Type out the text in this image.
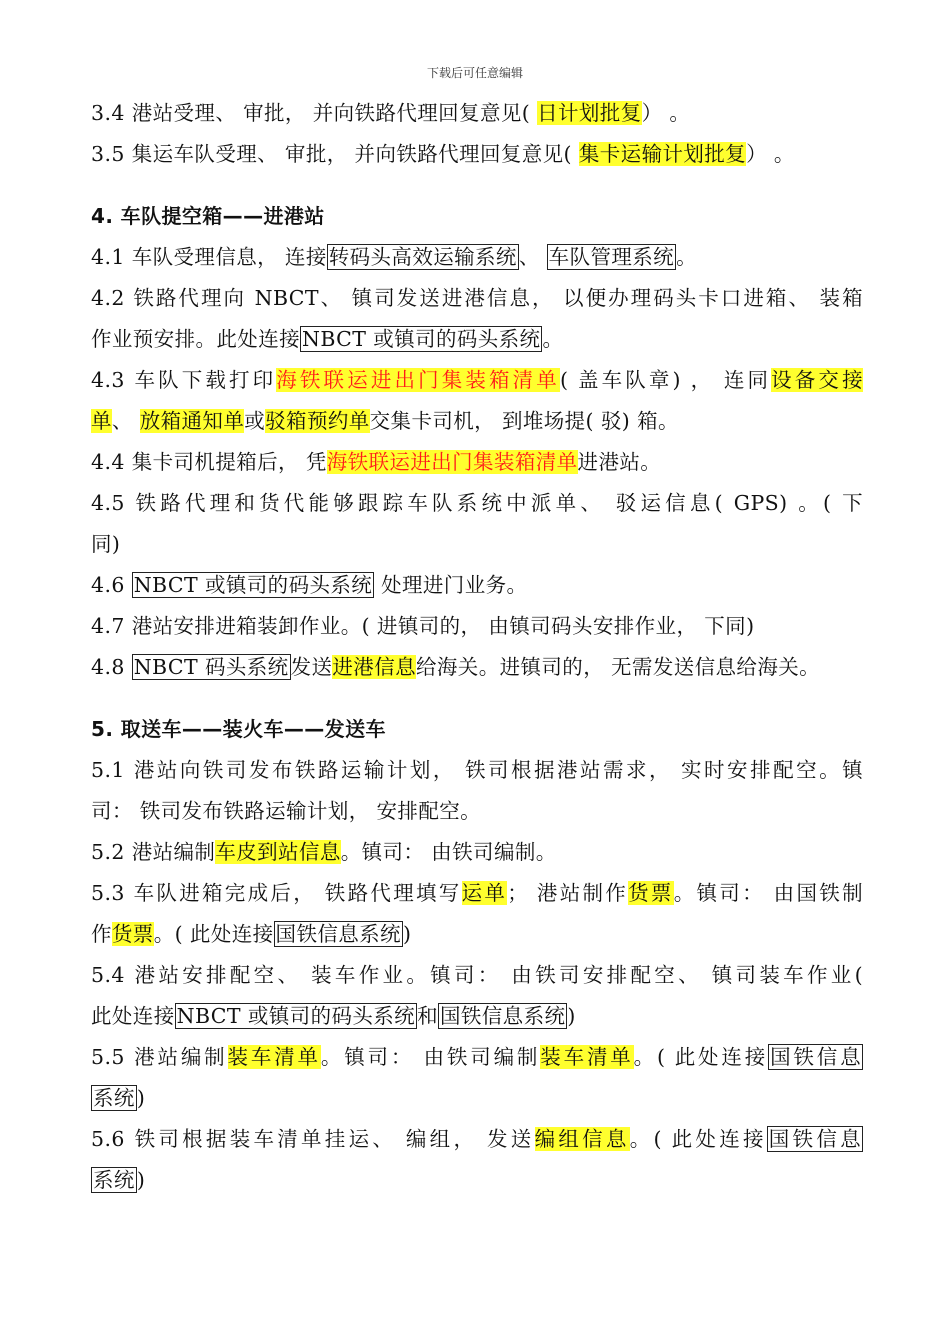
下载后可任意编辑
3.4 港站受理、 审批， 并向铁路代理回复意见( 日计划批复） 。
3.5 集运车队受理、 审批， 并向铁路代理回复意见( 集卡运输计划批复） 。
4. 车队提空箱——进港站
4.1 车队受理信息， 连接转码头高效运输系统、 车队管理系统。
4.2 铁路代理向 NBCT、 镇司发送进港信息， 以便办理码头卡口进箱、 装箱
作业预安排。此处连接NBCT 或镇司的码头系统。
4.3 车队下载打印海铁联运进出门集装箱清单( 盖车队章) ， 连同设备交接
单、 放箱通知单或驳箱预约单交集卡司机， 到堆场提( 驳) 箱。
4.4 集卡司机提箱后， 凭海铁联运进出门集装箱清单进港站。
4.5 铁路代理和货代能够跟踪车队系统中派单、 驳运信息( GPS) 。( 下
同)
4.6 NBCT 或镇司的码头系统 处理进门业务。
4.7 港站安排进箱装卸作业。( 进镇司的， 由镇司码头安排作业， 下同)
4.8 NBCT 码头系统发送进港信息给海关。进镇司的， 无需发送信息给海关。
5. 取送车——装火车——发送车
5.1 港站向铁司发布铁路运输计划， 铁司根据港站需求， 实时安排配空。镇
司： 铁司发布铁路运输计划， 安排配空。
5.2 港站编制车皮到站信息。镇司： 由铁司编制。
5.3 车队进箱完成后， 铁路代理填写运单； 港站制作货票。镇司： 由国铁制
作货票。( 此处连接国铁信息系统)
5.4 港站安排配空、 装车作业。镇司： 由铁司安排配空、 镇司装车作业(
此处连接NBCT 或镇司的码头系统和国铁信息系统)
5.5 港站编制装车清单。镇司： 由铁司编制装车清单。( 此处连接国铁信息
系统)
5.6 铁司根据装车清单挂运、 编组， 发送编组信息。( 此处连接国铁信息
系统)
